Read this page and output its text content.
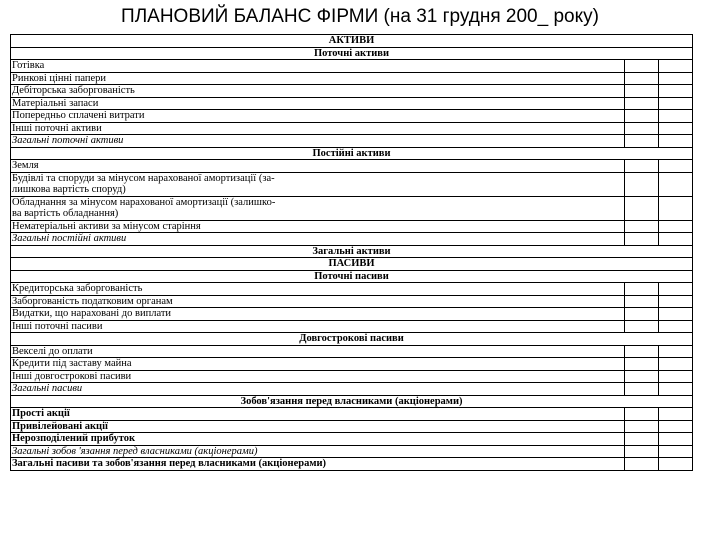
ПЛАНОВИЙ БАЛАНС ФІРМИ (на 31 грудня 200_ року)
АКТИВИ		
Поточні активи		
Готівка		
Ринкові цінні папери		
Дебіторська заборгованість		
Матеріальні запаси		
Попередньо сплачені витрати		
Інші поточні активи		
Загальні поточні активи		
Постійні активи		
Земля		

Будівлі та споруди за мінусом нарахованої амортизації (за-
лишкова вартість споруд)		

Обладнання за мінусом нарахованої амортизації (залишко-
ва вартість обладнання)		

Нематеріальні активи за мінусом старіння		
Загальні постійні активи		
Загальні активи		
ПАСИВИ		
Поточні пасиви		
Кредиторська заборгованість		
Заборгованість податковим органам		
Видатки, що нараховані до виплати		
Інші поточні пасиви		
Довгострокові пасиви		
Векселі до оплати		
Кредити під заставу майна		
Інші довгострокові пасиви		
Загальні пасиви		
Зобов'язання перед власниками (акціонерами)		
Прості акції		
Привілейовані акції		
Нерозподілений прибуток		
Загальні зобов 'язання перед власниками (акціонерами)		
Загальні пасиви та зобов'язання перед власниками (акціонерами)		
